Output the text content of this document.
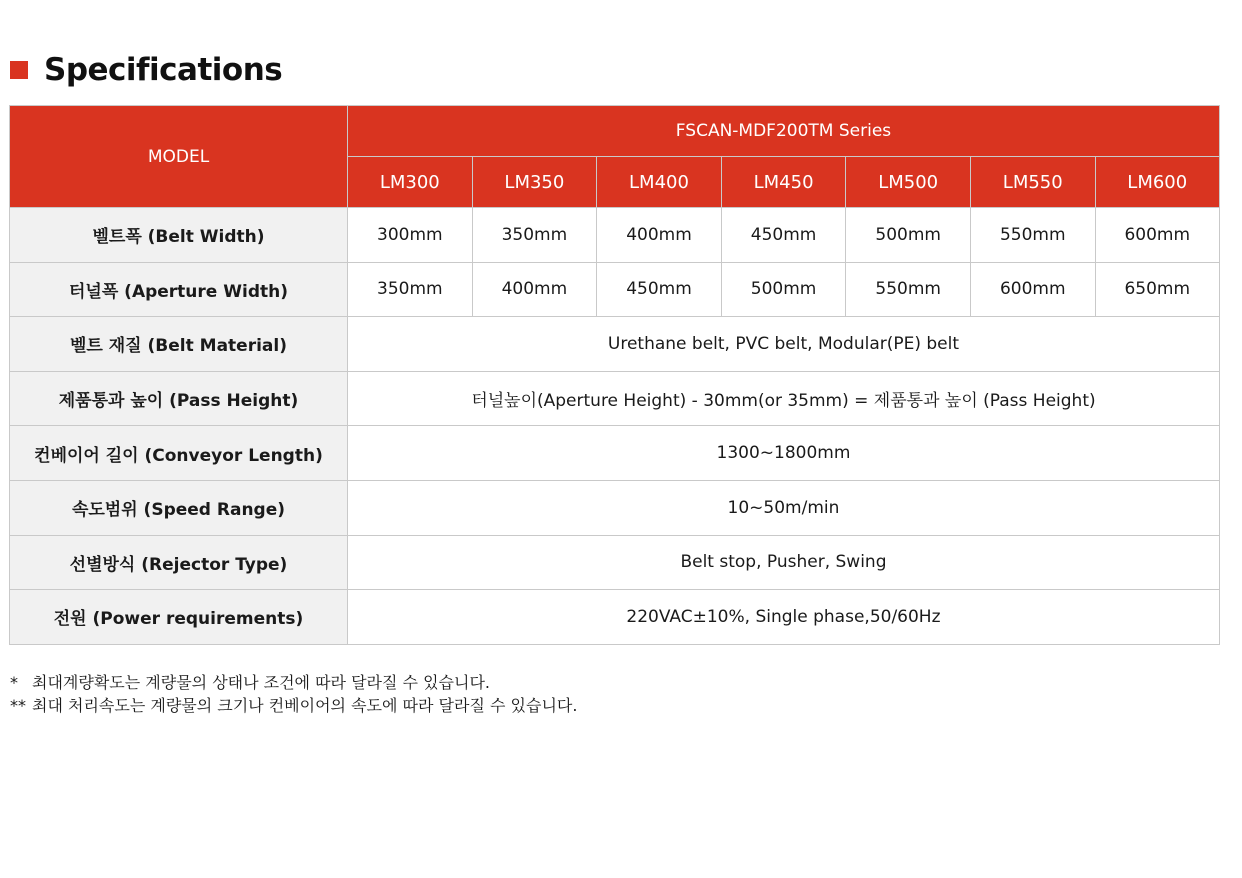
Specifications
MODEL	FSCAN-MDF200TM Series						
	LM300	LM350	LM400	LM450	LM500	LM550	LM600
벨트폭 (Belt Width)	300mm	350mm	400mm	450mm	500mm	550mm	600mm
터널폭 (Aperture Width)	350mm	400mm	450mm	500mm	550mm	600mm	650mm
벨트 재질 (Belt Material)	Urethane belt, PVC belt, Modular(PE) belt						
제품통과 높이 (Pass Height)	터널높이(Aperture Height) - 30mm(or 35mm) = 제품통과 높이 (Pass Height)						
컨베이어 길이 (Conveyor Length)	1300~1800mm						
속도범위 (Speed Range)	10~50m/min						
선별방식 (Rejector Type)	Belt stop, Pusher, Swing						
전원 (Power requirements)	220VAC±10%, Single phase,50/60Hz						
* 최대계량확도는 계량물의 상태나 조건에 따라 달라질 수 있습니다.
** 최대 처리속도는 계량물의 크기나 컨베이어의 속도에 따라 달라질 수 있습니다.
